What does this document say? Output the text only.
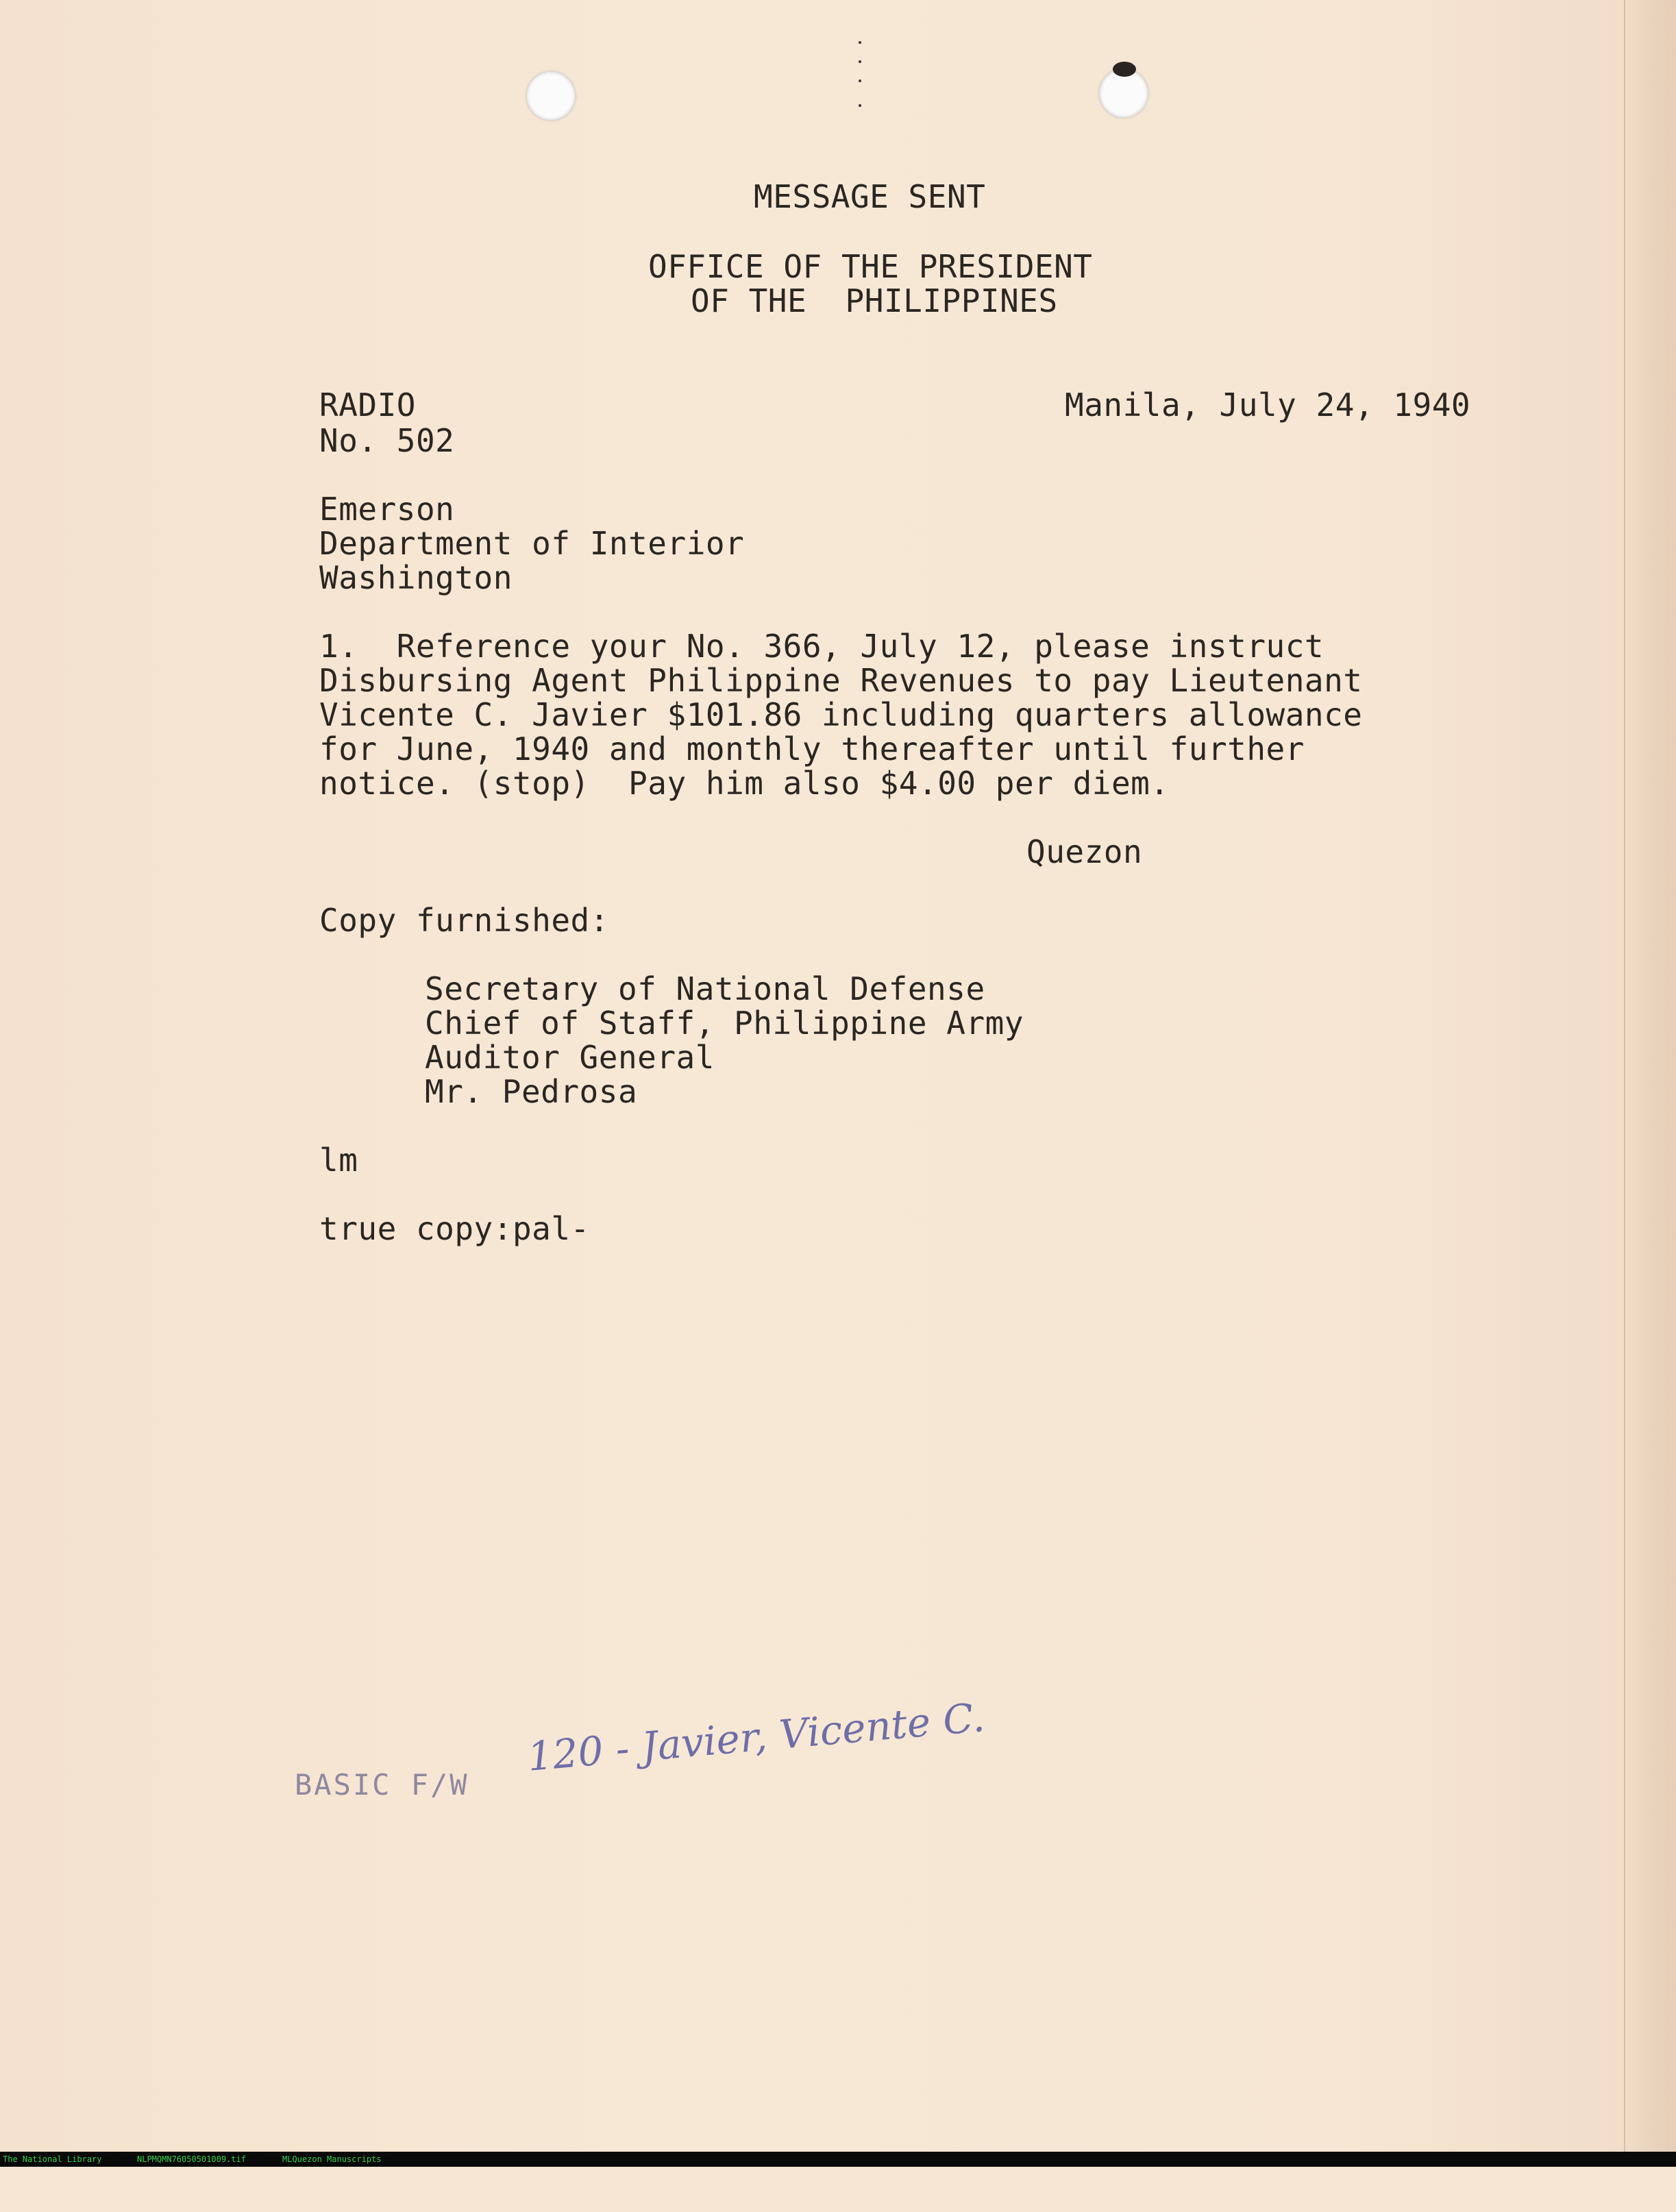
MESSAGE SENT
OFFICE OF THE PRESIDENT
OF THE  PHILIPPINES
RADIO
No. 502
Manila, July 24, 1940
Emerson
Department of Interior
Washington
1.  Reference your No. 366, July 12, please instruct
Disbursing Agent Philippine Revenues to pay Lieutenant
Vicente C. Javier $101.86 including quarters allowance
for June, 1940 and monthly thereafter until further
notice. (stop)  Pay him also $4.00 per diem.
Quezon
Copy furnished:
Secretary of National Defense
Chief of Staff, Philippine Army
Auditor General
Mr. Pedrosa
lm
true copy:pal-
BASIC F/W
120 - Javier, Vicente C.

The National Library

	NLPMQMN76050501009.tif

	MLQuezon Manuscripts
